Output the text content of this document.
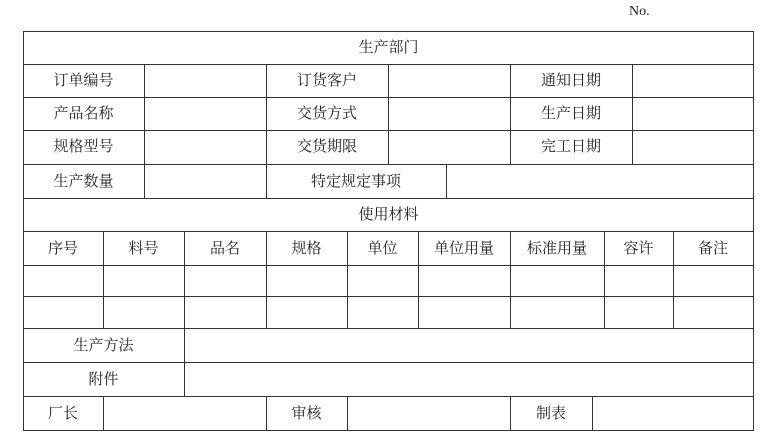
No.
生产部门
订单编号	订货客户	通知日期
产品名称	交货方式	生产日期
规格型号	交货期限	完工日期
生产数量	特定规定事项
使用材料
序号	料号	品名	规格	单位	单位用量	标准用量	容许	备注
生产方法
附件
厂长	审核	制表
